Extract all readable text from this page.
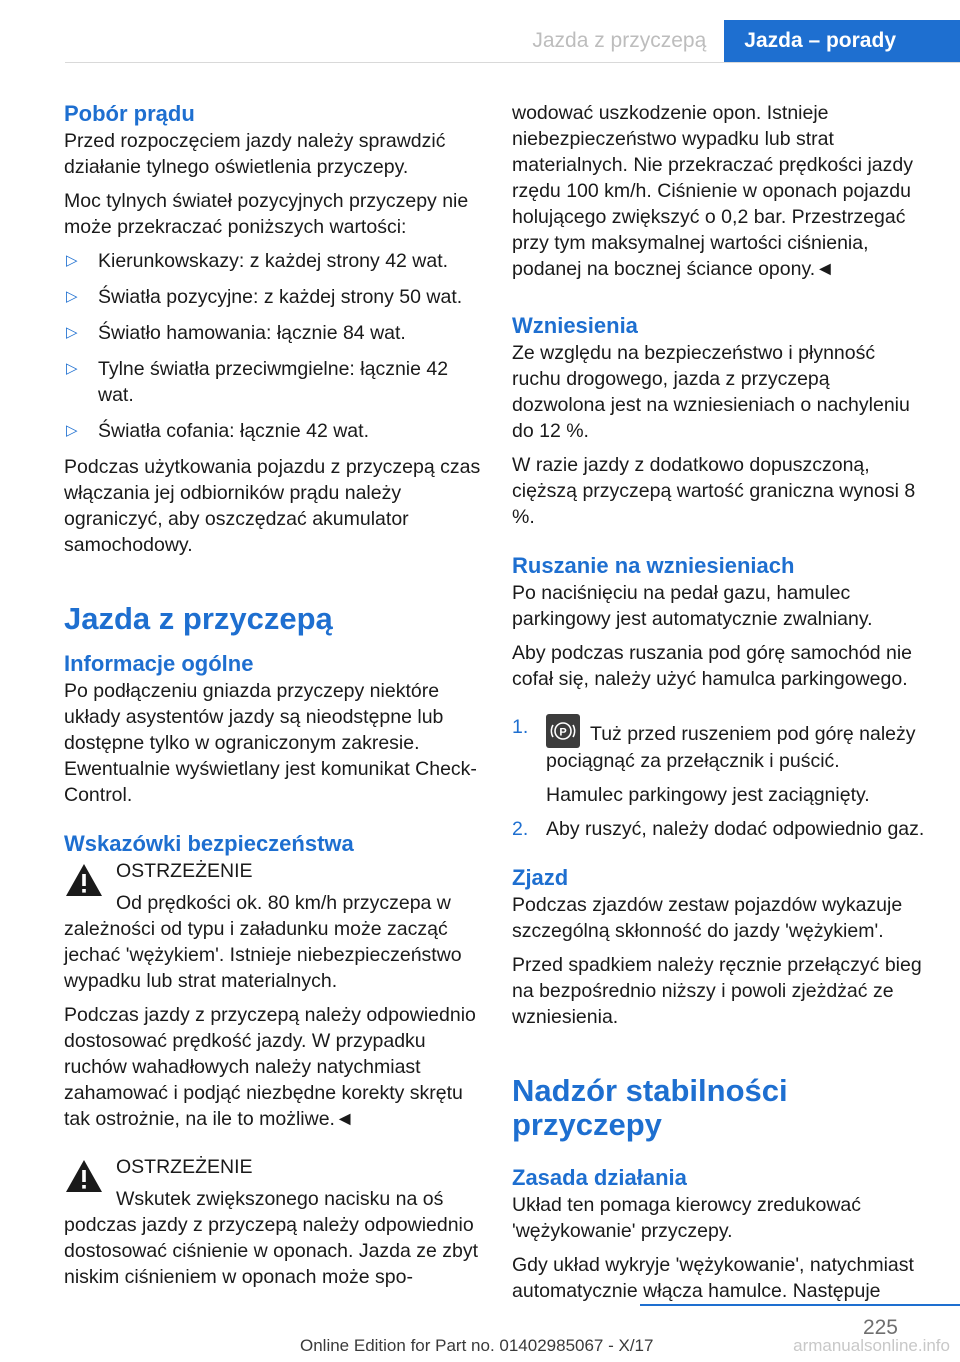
Jazda z przyczepą	Jazda – porady
Pobór prądu

Przed rozpoczęciem jazdy należy sprawdzić działanie tylnego oświetlenia przyczepy.

Moc tylnych świateł pozycyjnych przyczepy nie może przekraczać poniższych wartości:

▷ Kierunkowskazy: z każdej strony 42 wat.
▷ Światła pozycyjne: z każdej strony 50 wat.
▷ Światło hamowania: łącznie 84 wat.
▷ Tylne światła przeciwmgielne: łącznie 42 wat.
▷ Światła cofania: łącznie 42 wat.

Podczas użytkowania pojazdu z przyczepą czas włączania jej odbiorników prądu należy ograniczyć, aby oszczędzać akumulator samochodowy.

Jazda z przyczepą
Informacje ogólne

Po podłączeniu gniazda przyczepy niektóre układy asystentów jazdy są nieodstępne lub dostępne tylko w ograniczonym zakresie. Ewentualnie wyświetlany jest komunikat Check-Control.

Wskazówki bezpieczeństwa
OSTRZEŻENIE

Od prędkości ok. 80 km/h przyczepa w zależności od typu i załadunku może zacząć jechać 'wężykiem'. Istnieje niebezpieczeństwo wypadku lub strat materialnych.

Podczas jazdy z przyczepą należy odpowiednio dostosować prędkość jazdy. W przypadku ruchów wahadłowych należy natychmiast zahamować i podjąć niezbędne korekty skrętu tak ostrożnie, na ile to możliwe.◄

OSTRZEŻENIE

Wskutek zwiększonego nacisku na oś podczas jazdy z przyczepą należy odpowiednio dostosować ciśnienie w oponach. Jazda ze zbyt niskim ciśnieniem w oponach może spo-

wodować uszkodzenie opon. Istnieje niebezpieczeństwo wypadku lub strat materialnych. Nie przekraczać prędkości jazdy rzędu 100 km/h. Ciśnienie w oponach pojazdu holującego zwiększyć o 0,2 bar. Przestrzegać przy tym maksymalnej wartości ciśnienia, podanej na bocznej ściance opony.◄

Wzniesienia

Ze względu na bezpieczeństwo i płynność ruchu drogowego, jazda z przyczepą dozwolona jest na wzniesieniach o nachyleniu do 12 %.

W razie jazdy z dodatkowo dopuszczoną, cięższą przyczepą wartość graniczna wynosi 8 %.

Ruszanie na wzniesieniach

Po naciśnięciu na pedał gazu, hamulec parkingowy jest automatycznie zwalniany.

Aby podczas ruszania pod górę samochód nie cofał się, należy użyć hamulca parkingowego.

1.	P Tuż przed ruszeniem pod górę należy pociągnąć za przełącznik i puścić.
Hamulec parkingowy jest zaciągnięty.
2. Aby ruszyć, należy dodać odpowiednio gaz.
Zjazd

Podczas zjazdów zestaw pojazdów wykazuje szczególną skłonność do jazdy 'wężykiem'.

Przed spadkiem należy ręcznie przełączyć bieg na bezpośrednio niższy i powoli zjeżdżać ze wzniesienia.

Nadzór stabilności przyczepy
Zasada działania

Układ ten pomaga kierowcy zredukować 'wężykowanie' przyczepy.

Gdy układ wykryje 'wężykowanie', natychmiast automatycznie włącza hamulce. Następuje

225
Online Edition for Part no. 01402985067 - X/17	armanualsonline.info
